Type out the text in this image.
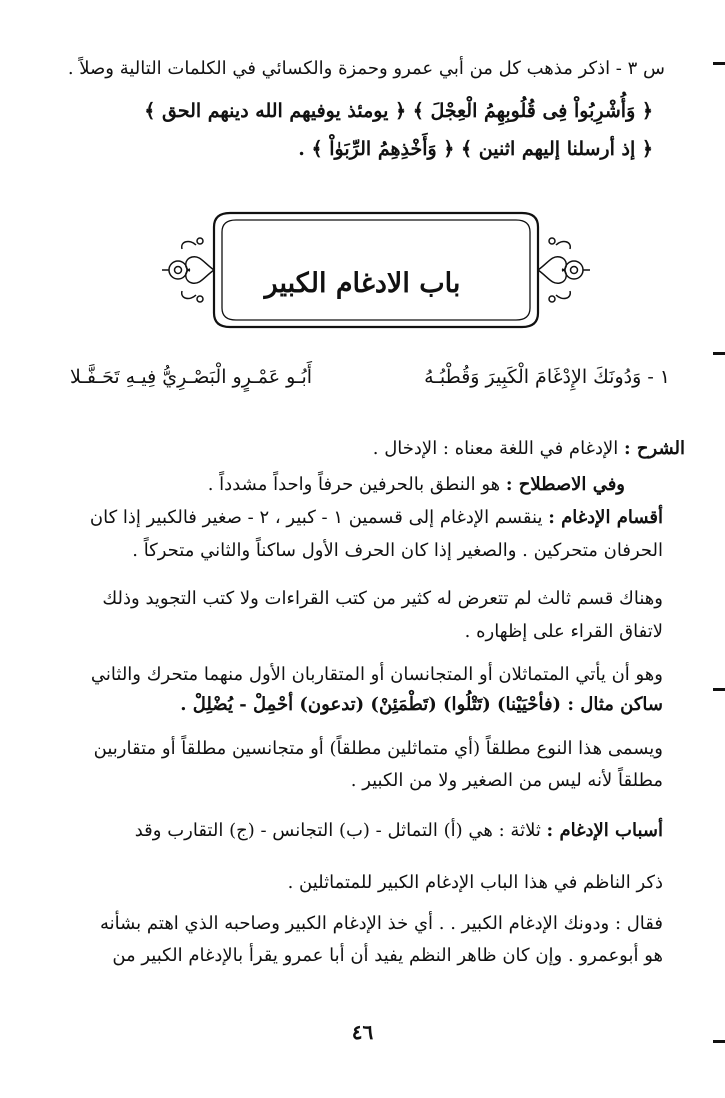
س ٣ - اذكر مذهب كل من أبي عمرو وحمزة والكسائي في الكلمات التالية وصلاً .
﴿ وَأُشْرِبُواْ فِى قُلُوبِهِمُ الْعِجْلَ ﴾ ﴿ يومئذ يوفيهم الله دينهم الحق ﴾
﴿ إذ أرسلنا إليهم اثنين ﴾ ﴿ وَأَخْذِهِمُ الرِّبَوٰاْ ﴾ .
باب الادغام الكبير
١ - وَدُونَكَ الإِدْغَامَ الْكَبِيرَ وَقُطْبُـهُ
أَبُـو عَمْـرٍو الْبَصْـرِيُّ فِيـهِ تَحَـفَّـلا
الشرح : الإدغام في اللغة معناه : الإدخال .
وفي الاصطلاح : هو النطق بالحرفين حرفاً واحداً مشدداً .
أقسام الإدغام : ينقسم الإدغام إلى قسمين ١ - كبير ، ٢ - صغير فالكبير إذا كان
الحرفان متحركين . والصغير إذا كان الحرف الأول ساكناً والثاني متحركاً .
وهناك قسم ثالث لم تتعرض له كثير من كتب القراءات ولا كتب التجويد وذلك
لاتفاق القراء على إظهاره .
وهو أن يأتي المتماثلان أو المتجانسان أو المتقاربان الأول منهما متحرك والثاني
ساكن مثال : (فأحْيَيْنا) (تَتْلُوا) (تَطْمَئِنْ) (تدعون) أحْمِلْ - يُضْلِلْ .
ويسمى هذا النوع مطلقاً (أي متماثلين مطلقاً) أو متجانسين مطلقاً أو متقاربين
مطلقاً لأنه ليس من الصغير ولا من الكبير .
أسباب الإدغام : ثلاثة : هي (أ) التماثل - (ب) التجانس - (ج) التقارب وقد
ذكر الناظم في هذا الباب الإدغام الكبير للمتماثلين .
فقال : ودونك الإدغام الكبير . . أي خذ الإدغام الكبير وصاحبه الذي اهتم بشأنه
هو أبوعمرو . وإن كان ظاهر النظم يفيد أن أبا عمرو يقرأ بالإدغام الكبير من
٤٦
